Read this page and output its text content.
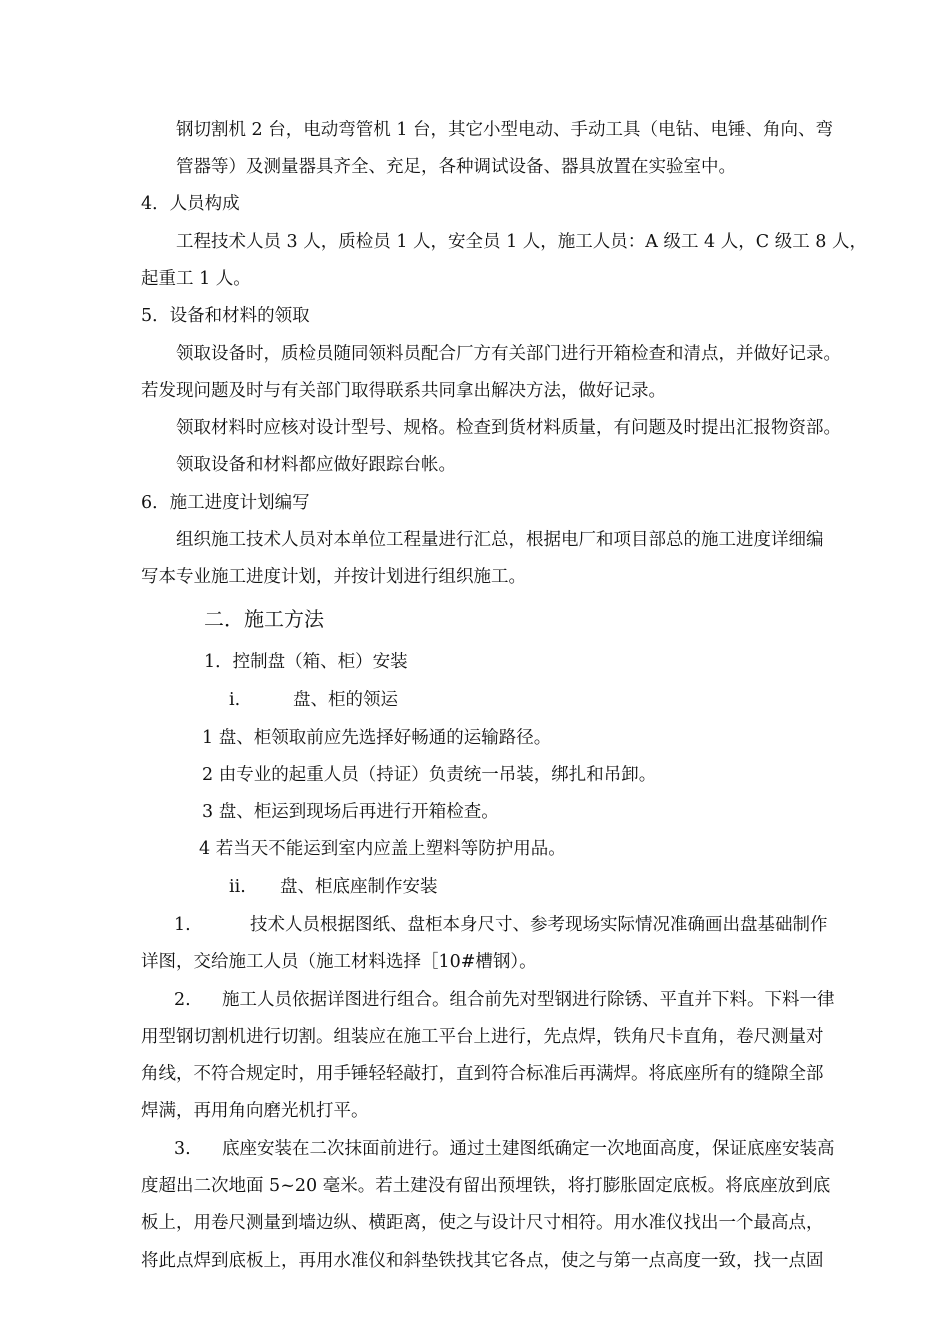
钢切割机 2 台，电动弯管机 1 台，其它小型电动、手动工具（电钻、电锤、角向、弯
管器等）及测量器具齐全、充足，各种调试设备、器具放置在实验室中。
4．人员构成
工程技术人员 3 人，质检员 1 人，安全员 1 人，施工人员：A 级工 4 人，C 级工 8 人，
起重工 1 人。
5．设备和材料的领取
领取设备时，质检员随同领料员配合厂方有关部门进行开箱检查和清点，并做好记录。
若发现问题及时与有关部门取得联系共同拿出解决方法，做好记录。
领取材料时应核对设计型号、规格。检查到货材料质量，有问题及时提出汇报物资部。
领取设备和材料都应做好跟踪台帐。
6．施工进度计划编写
组织施工技术人员对本单位工程量进行汇总，根据电厂和项目部总的施工进度详细编
写本专业施工进度计划，并按计划进行组织施工。
二．施工方法
1．控制盘（箱、柜）安装
i.	盘、柜的领运
1 盘、柜领取前应先选择好畅通的运输路径。
2 由专业的起重人员（持证）负责统一吊装，绑扎和吊卸。
3 盘、柜运到现场后再进行开箱检查。
4 若当天不能运到室内应盖上塑料等防护用品。
ii. 盘、柜底座制作安装
1.	技术人员根据图纸、盘柜本身尺寸、参考现场实际情况准确画出盘基础制作
详图，交给施工人员（施工材料选择［10#槽钢）。
2. 施工人员依据详图进行组合。组合前先对型钢进行除锈、平直并下料。下料一律
用型钢切割机进行切割。组装应在施工平台上进行，先点焊，铁角尺卡直角，卷尺测量对
角线，不符合规定时，用手锤轻轻敲打，直到符合标准后再满焊。将底座所有的缝隙全部
焊满，再用角向磨光机打平。
3. 底座安装在二次抹面前进行。通过土建图纸确定一次地面高度，保证底座安装高
度超出二次地面 5~20 毫米。若土建没有留出预埋铁，将打膨胀固定底板。将底座放到底
板上，用卷尺测量到墙边纵、横距离，使之与设计尺寸相符。用水准仪找出一个最高点，
将此点焊到底板上，再用水准仪和斜垫铁找其它各点，使之与第一点高度一致，找一点固
